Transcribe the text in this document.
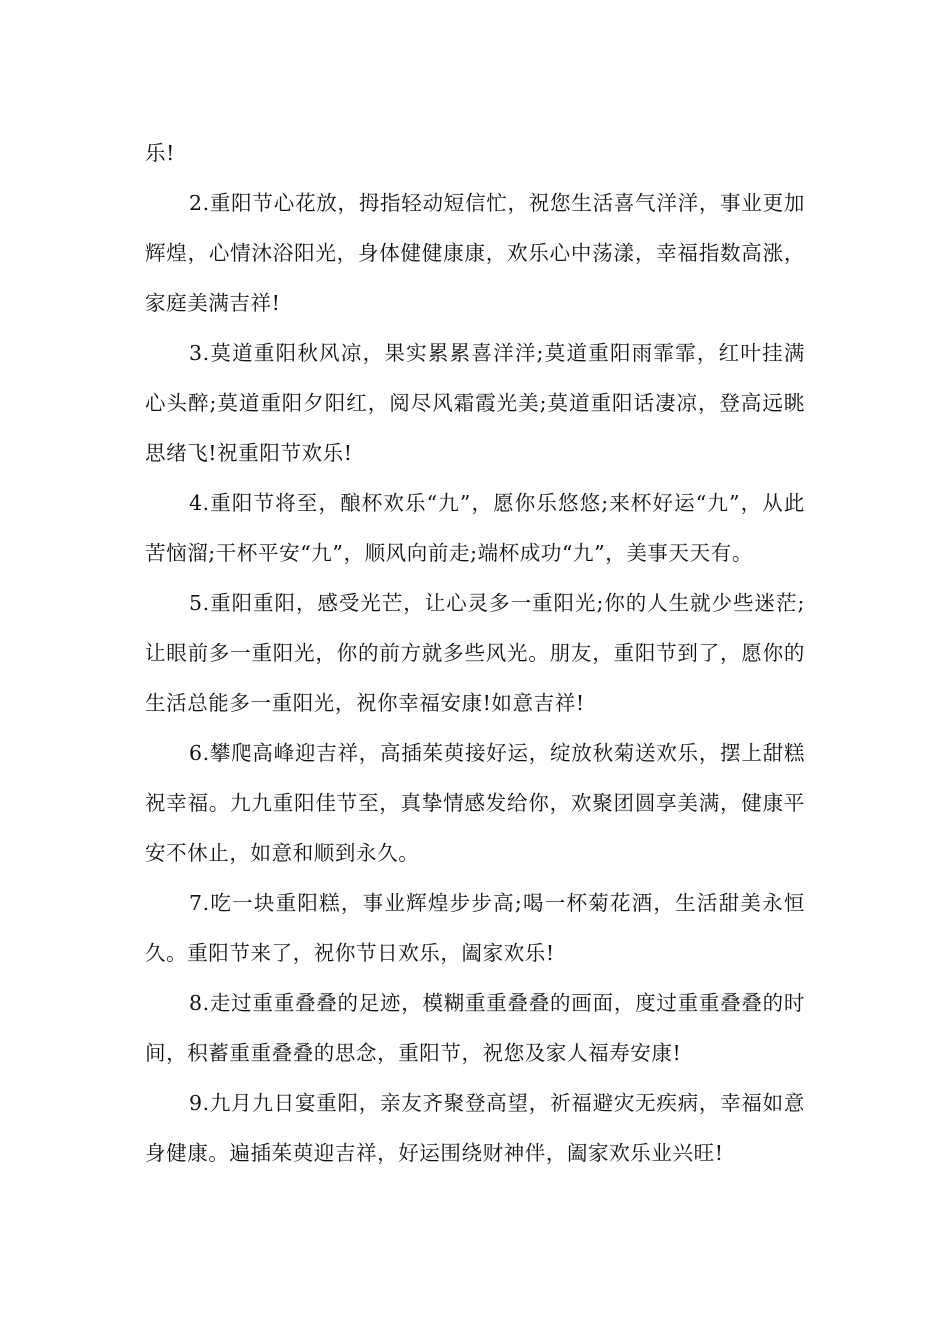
乐!

2.重阳节心花放，拇指轻动短信忙，祝您生活喜气洋洋，事业更加辉煌，心情沐浴阳光，身体健健康康，欢乐心中荡漾，幸福指数高涨，家庭美满吉祥!

3.莫道重阳秋风凉，果实累累喜洋洋;莫道重阳雨霏霏，红叶挂满心头醉;莫道重阳夕阳红，阅尽风霜霞光美;莫道重阳话凄凉，登高远眺思绪飞!祝重阳节欢乐!

4.重阳节将至，酿杯欢乐“九”，愿你乐悠悠;来杯好运“九”，从此苦恼溜;干杯平安“九”，顺风向前走;端杯成功“九”，美事天天有。

5.重阳重阳，感受光芒，让心灵多一重阳光;你的人生就少些迷茫;让眼前多一重阳光，你的前方就多些风光。朋友，重阳节到了，愿你的生活总能多一重阳光，祝你幸福安康!如意吉祥!

6.攀爬高峰迎吉祥，高插茱萸接好运，绽放秋菊送欢乐，摆上甜糕祝幸福。九九重阳佳节至，真挚情感发给你，欢聚团圆享美满，健康平安不休止，如意和顺到永久。

7.吃一块重阳糕，事业辉煌步步高;喝一杯菊花酒，生活甜美永恒久。重阳节来了，祝你节日欢乐，阖家欢乐!

8.走过重重叠叠的足迹，模糊重重叠叠的画面，度过重重叠叠的时间，积蓄重重叠叠的思念，重阳节，祝您及家人福寿安康!

9.九月九日宴重阳，亲友齐聚登高望，祈福避灾无疾病，幸福如意身健康。遍插茱萸迎吉祥，好运围绕财神伴，阖家欢乐业兴旺!
